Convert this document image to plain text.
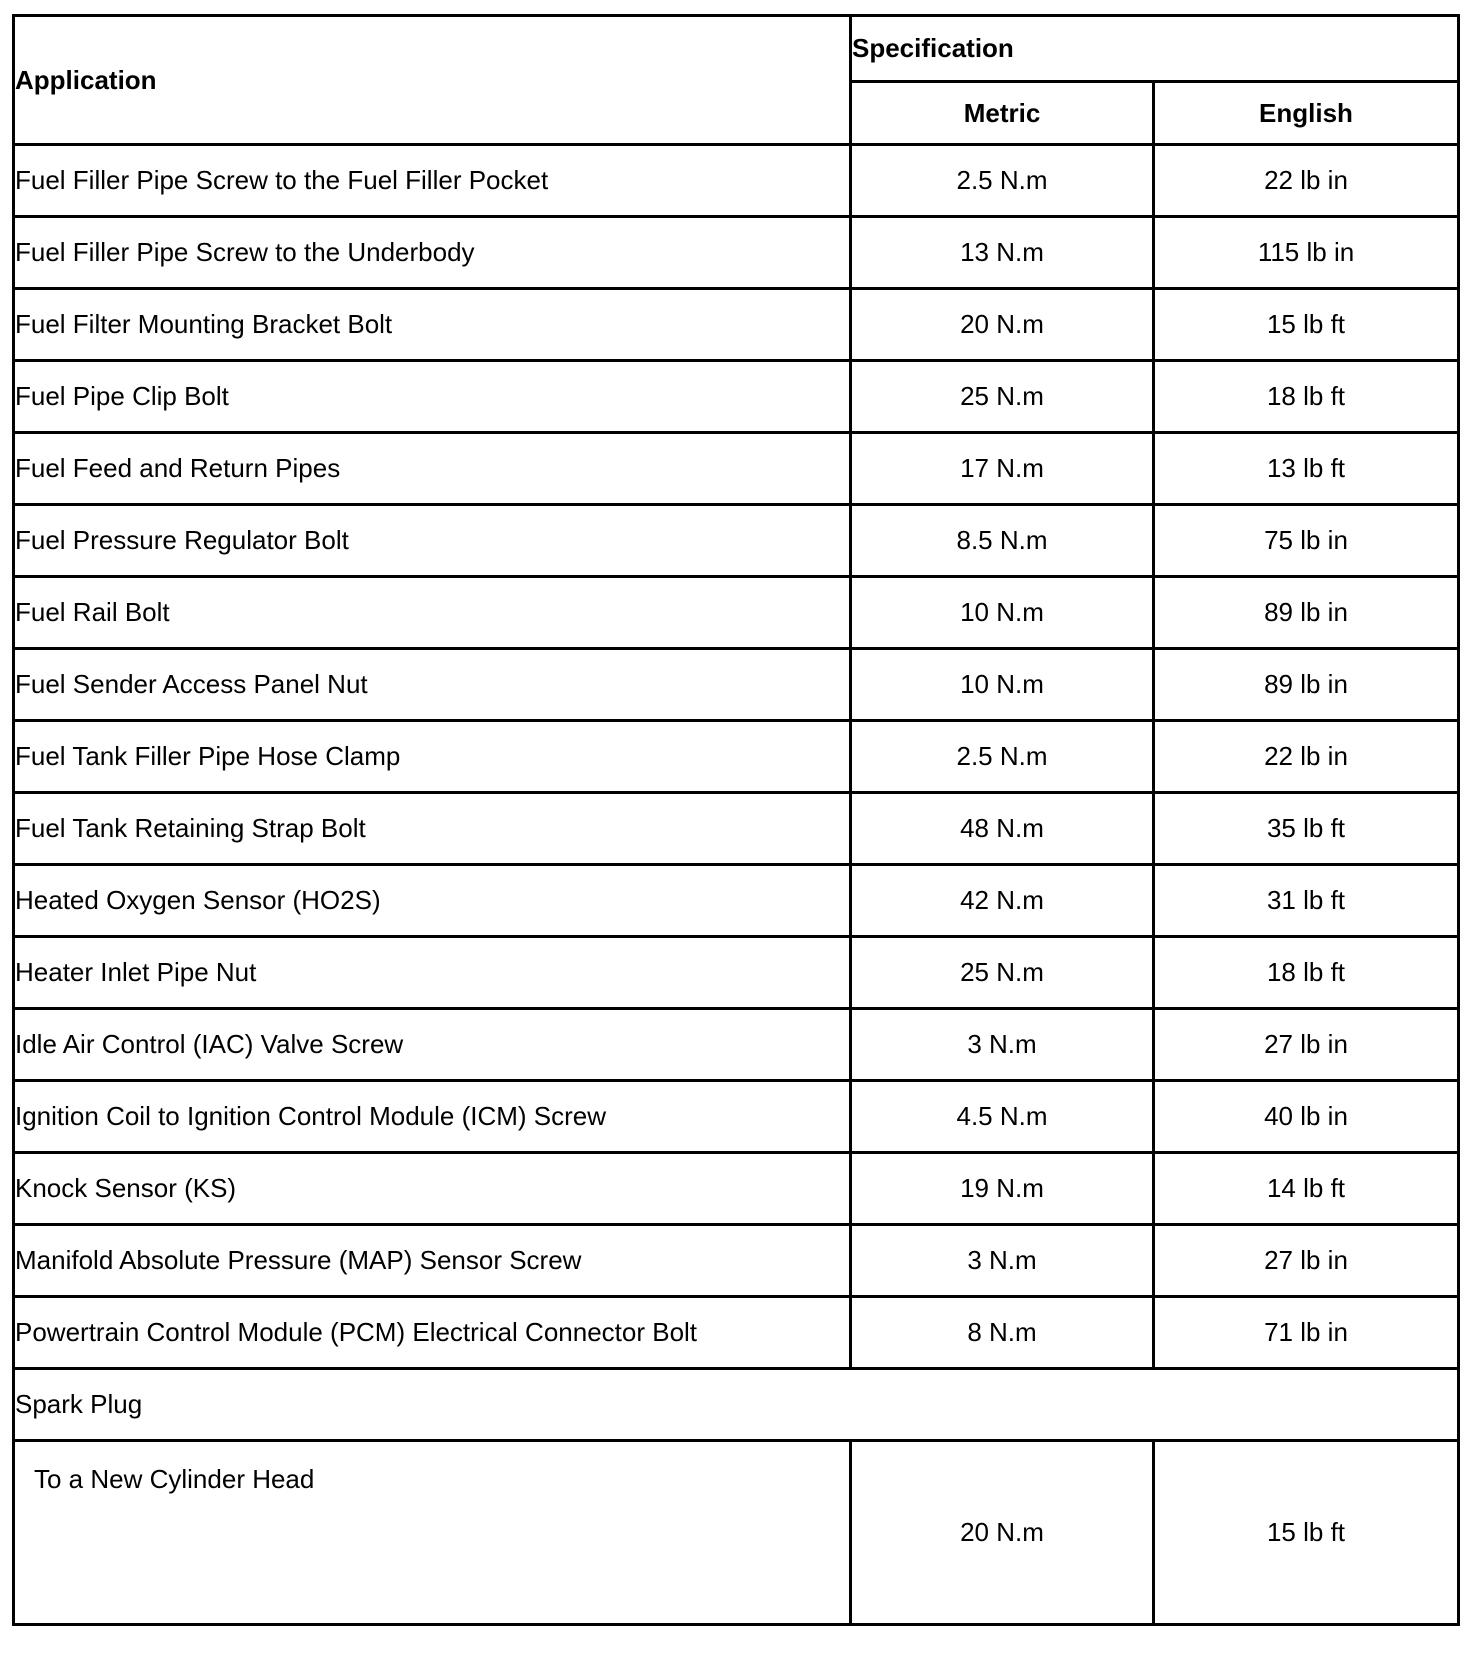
Application	Specification	
	Metric	English
Fuel Filler Pipe Screw to the Fuel Filler Pocket	2.5 N.m	22 lb in
Fuel Filler Pipe Screw to the Underbody	13 N.m	115 lb in
Fuel Filter Mounting Bracket Bolt	20 N.m	15 lb ft
Fuel Pipe Clip Bolt	25 N.m	18 lb ft
Fuel Feed and Return Pipes	17 N.m	13 lb ft
Fuel Pressure Regulator Bolt	8.5 N.m	75 lb in
Fuel Rail Bolt	10 N.m	89 lb in
Fuel Sender Access Panel Nut	10 N.m	89 lb in
Fuel Tank Filler Pipe Hose Clamp	2.5 N.m	22 lb in
Fuel Tank Retaining Strap Bolt	48 N.m	35 lb ft
Heated Oxygen Sensor (HO2S)	42 N.m	31 lb ft
Heater Inlet Pipe Nut	25 N.m	18 lb ft
Idle Air Control (IAC) Valve Screw	3 N.m	27 lb in
Ignition Coil to Ignition Control Module (ICM) Screw	4.5 N.m	40 lb in
Knock Sensor (KS)	19 N.m	14 lb ft
Manifold Absolute Pressure (MAP) Sensor Screw	3 N.m	27 lb in
Powertrain Control Module (PCM) Electrical Connector Bolt	8 N.m	71 lb in
Spark Plug		
To a New Cylinder Head	20 N.m	15 lb ft
